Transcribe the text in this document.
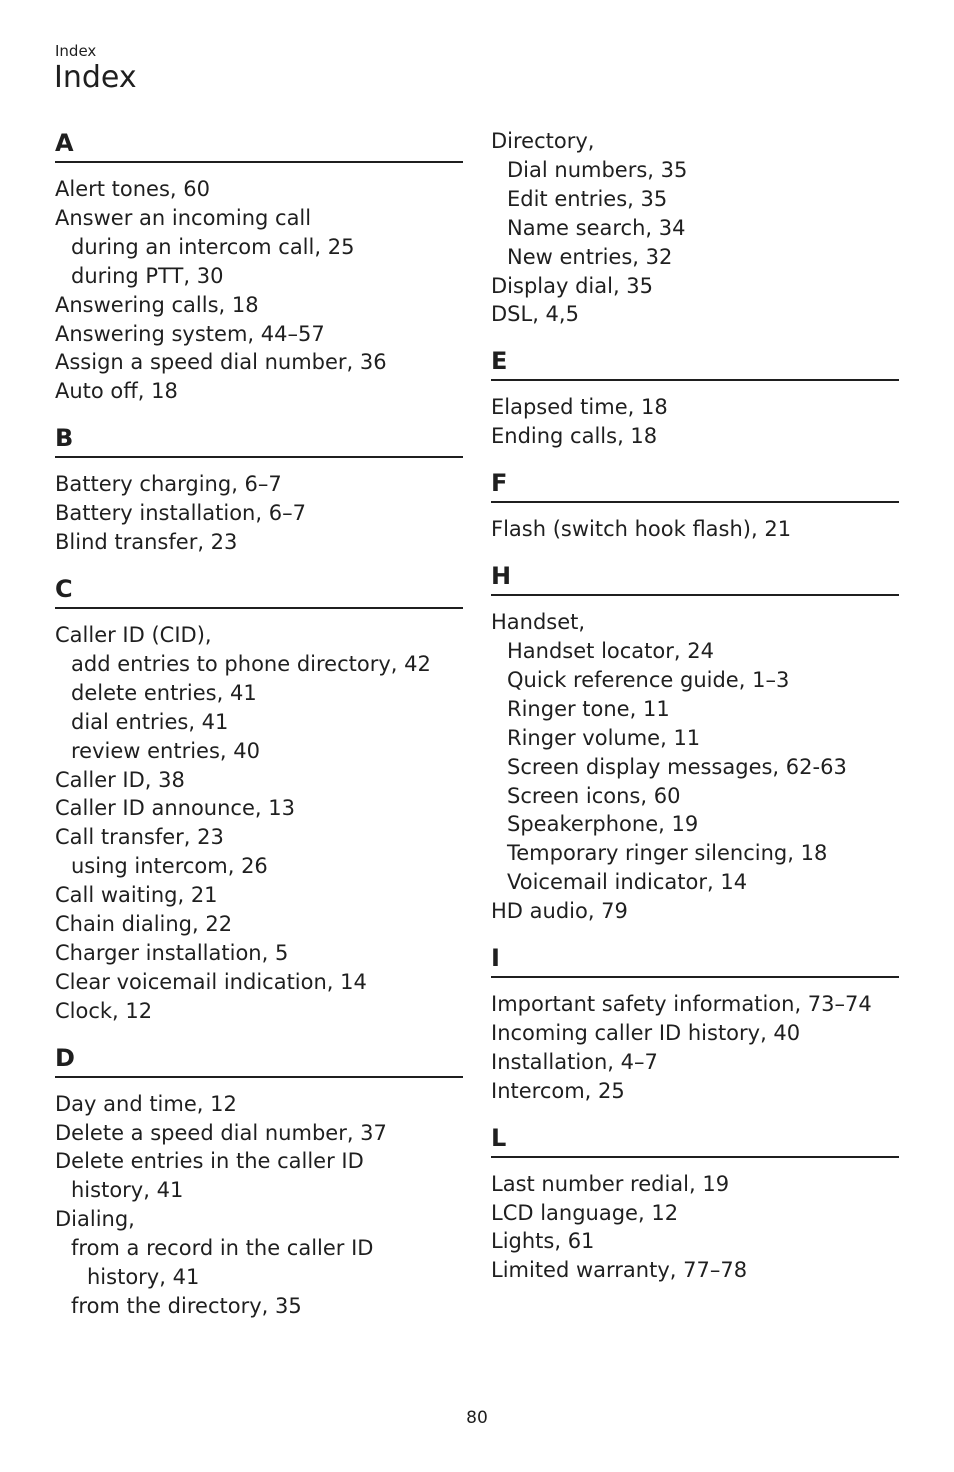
Index
Index
A
Alert tones, 60
Answer an incoming call
during an intercom call, 25
during PTT, 30
Answering calls, 18
Answering system, 44–57
Assign a speed dial number, 36
Auto off, 18
B
Battery charging, 6–7
Battery installation, 6–7
Blind transfer, 23
C
Caller ID (CID),
add entries to phone directory, 42
delete entries, 41
dial entries, 41
review entries, 40
Caller ID, 38
Caller ID announce, 13
Call transfer, 23
using intercom, 26
Call waiting, 21
Chain dialing, 22
Charger installation, 5
Clear voicemail indication, 14
Clock, 12
D
Day and time, 12
Delete a speed dial number, 37
Delete entries in the caller ID
history, 41
Dialing,
from a record in the caller ID
history, 41
from the directory, 35
Directory,
Dial numbers, 35
Edit entries, 35
Name search, 34
New entries, 32
Display dial, 35
DSL, 4,5
E
Elapsed time, 18
Ending calls, 18
F
Flash (switch hook flash), 21
H
Handset,
Handset locator, 24
Quick reference guide, 1–3
Ringer tone, 11
Ringer volume, 11
Screen display messages, 62-63
Screen icons, 60
Speakerphone, 19
Temporary ringer silencing, 18
Voicemail indicator, 14
HD audio, 79
I
Important safety information, 73–74
Incoming caller ID history, 40
Installation, 4–7
Intercom, 25
L
Last number redial, 19
LCD language, 12
Lights, 61
Limited warranty, 77–78
80
